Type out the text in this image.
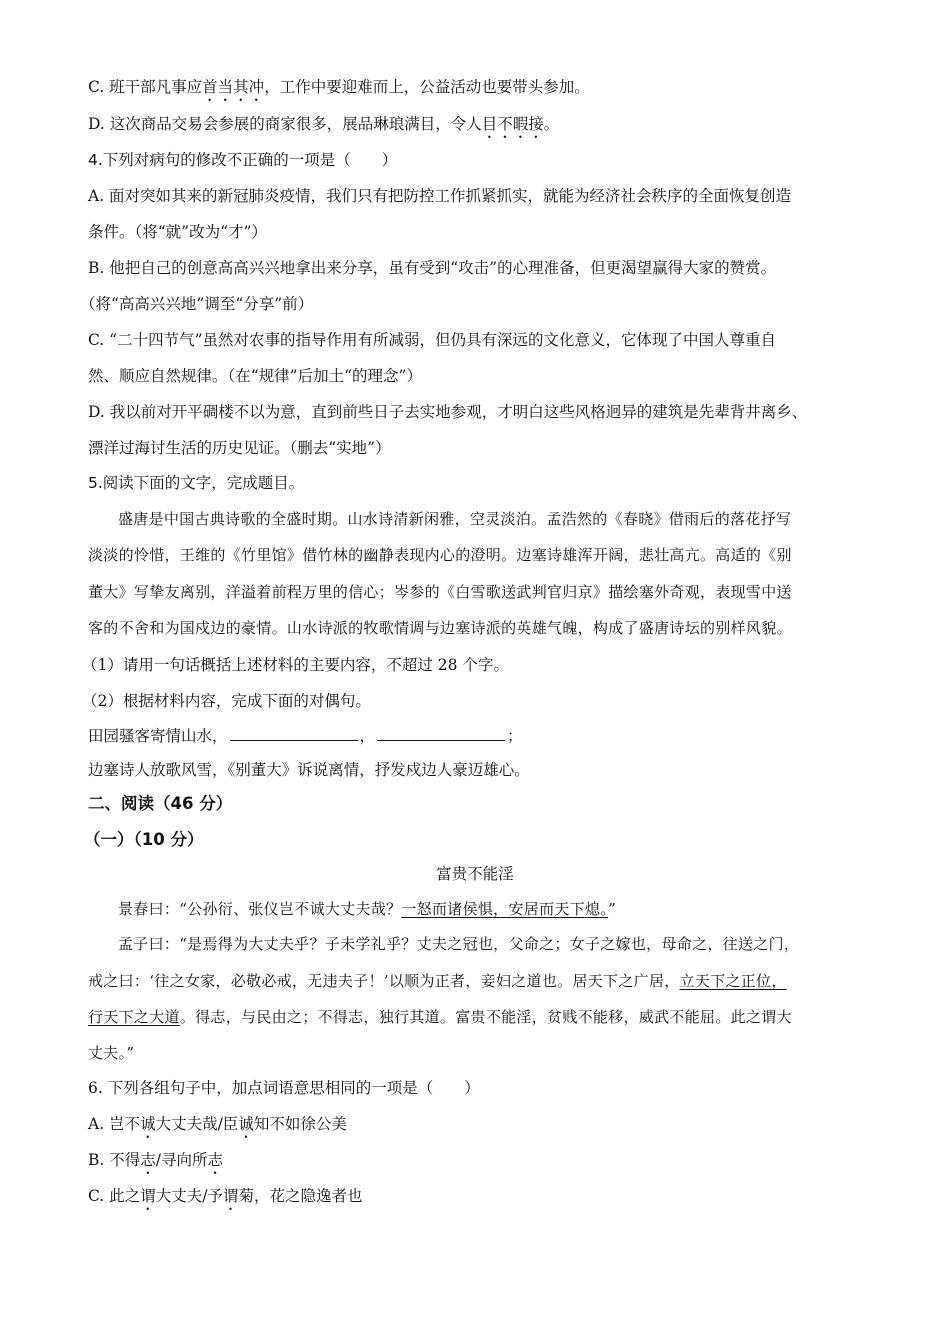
C. 班干部凡事应首当其冲，工作中要迎难而上，公益活动也要带头参加。
D. 这次商品交易会参展的商家很多，展品琳琅满目，令人目不暇接。
4.下列对病句的修改不正确的一项是（　　）
A. 面对突如其来的新冠肺炎疫情，我们只有把防控工作抓紧抓实，就能为经济社会秩序的全面恢复创造
条件。（将“就”改为“才”）
B. 他把自己的创意高高兴兴地拿出来分享，虽有受到“攻击”的心理准备，但更渴望赢得大家的赞赏。
（将“高高兴兴地”调至“分享”前）
C. “二十四节气”虽然对农事的指导作用有所减弱，但仍具有深远的文化意义，它体现了中国人尊重自
然、顺应自然规律。（在“规律”后加土“的理念”）
D. 我以前对开平碉楼不以为意，直到前些日子去实地参观，才明白这些风格迥异的建筑是先辈背井离乡、
漂洋过海讨生活的历史见证。（删去“实地”）
5.阅读下面的文字，完成题目。
盛唐是中国古典诗歌的全盛时期。山水诗清新闲雅，空灵淡泊。孟浩然的《春晓》借雨后的落花抒写
淡淡的怜惜，王维的《竹里馆》借竹林的幽静表现内心的澄明。边塞诗雄浑开阔，悲壮高亢。高适的《别
董大》写挚友离别，洋溢着前程万里的信心；岑参的《白雪歌送武判官归京》描绘塞外奇观，表现雪中送
客的不舍和为国戍边的豪情。山水诗派的牧歌情调与边塞诗派的英雄气魄，构成了盛唐诗坛的别样风貌。
（1）请用一句话概括上述材料的主要内容，不超过 28 个字。
（2）根据材料内容，完成下面的对偶句。
田园骚客寄情山水，	，	；
边塞诗人放歌风雪，《别董大》诉说离情，抒发戍边人豪迈雄心。
二、阅读（46 分）
（一）（10 分）
富贵不能淫
景春曰：“公孙衍、张仪岂不诚大丈夫哉？一怒而诸侯惧，安居而天下熄。”
孟子曰：“是焉得为大丈夫乎？子未学礼乎？丈夫之冠也，父命之；女子之嫁也，母命之，往送之门，
戒之曰：‘往之女家，必敬必戒，无违夫子！’以顺为正者，妾妇之道也。居天下之广居，立天下之正位，
行天下之大道。得志，与民由之；不得志，独行其道。富贵不能淫，贫贱不能移，威武不能屈。此之谓大
丈夫。”
6. 下列各组句子中，加点词语意思相同的一项是（　　）
A. 岂不诚大丈夫哉/臣诚知不如徐公美
B. 不得志/寻向所志
C. 此之谓大丈夫/予谓菊，花之隐逸者也
